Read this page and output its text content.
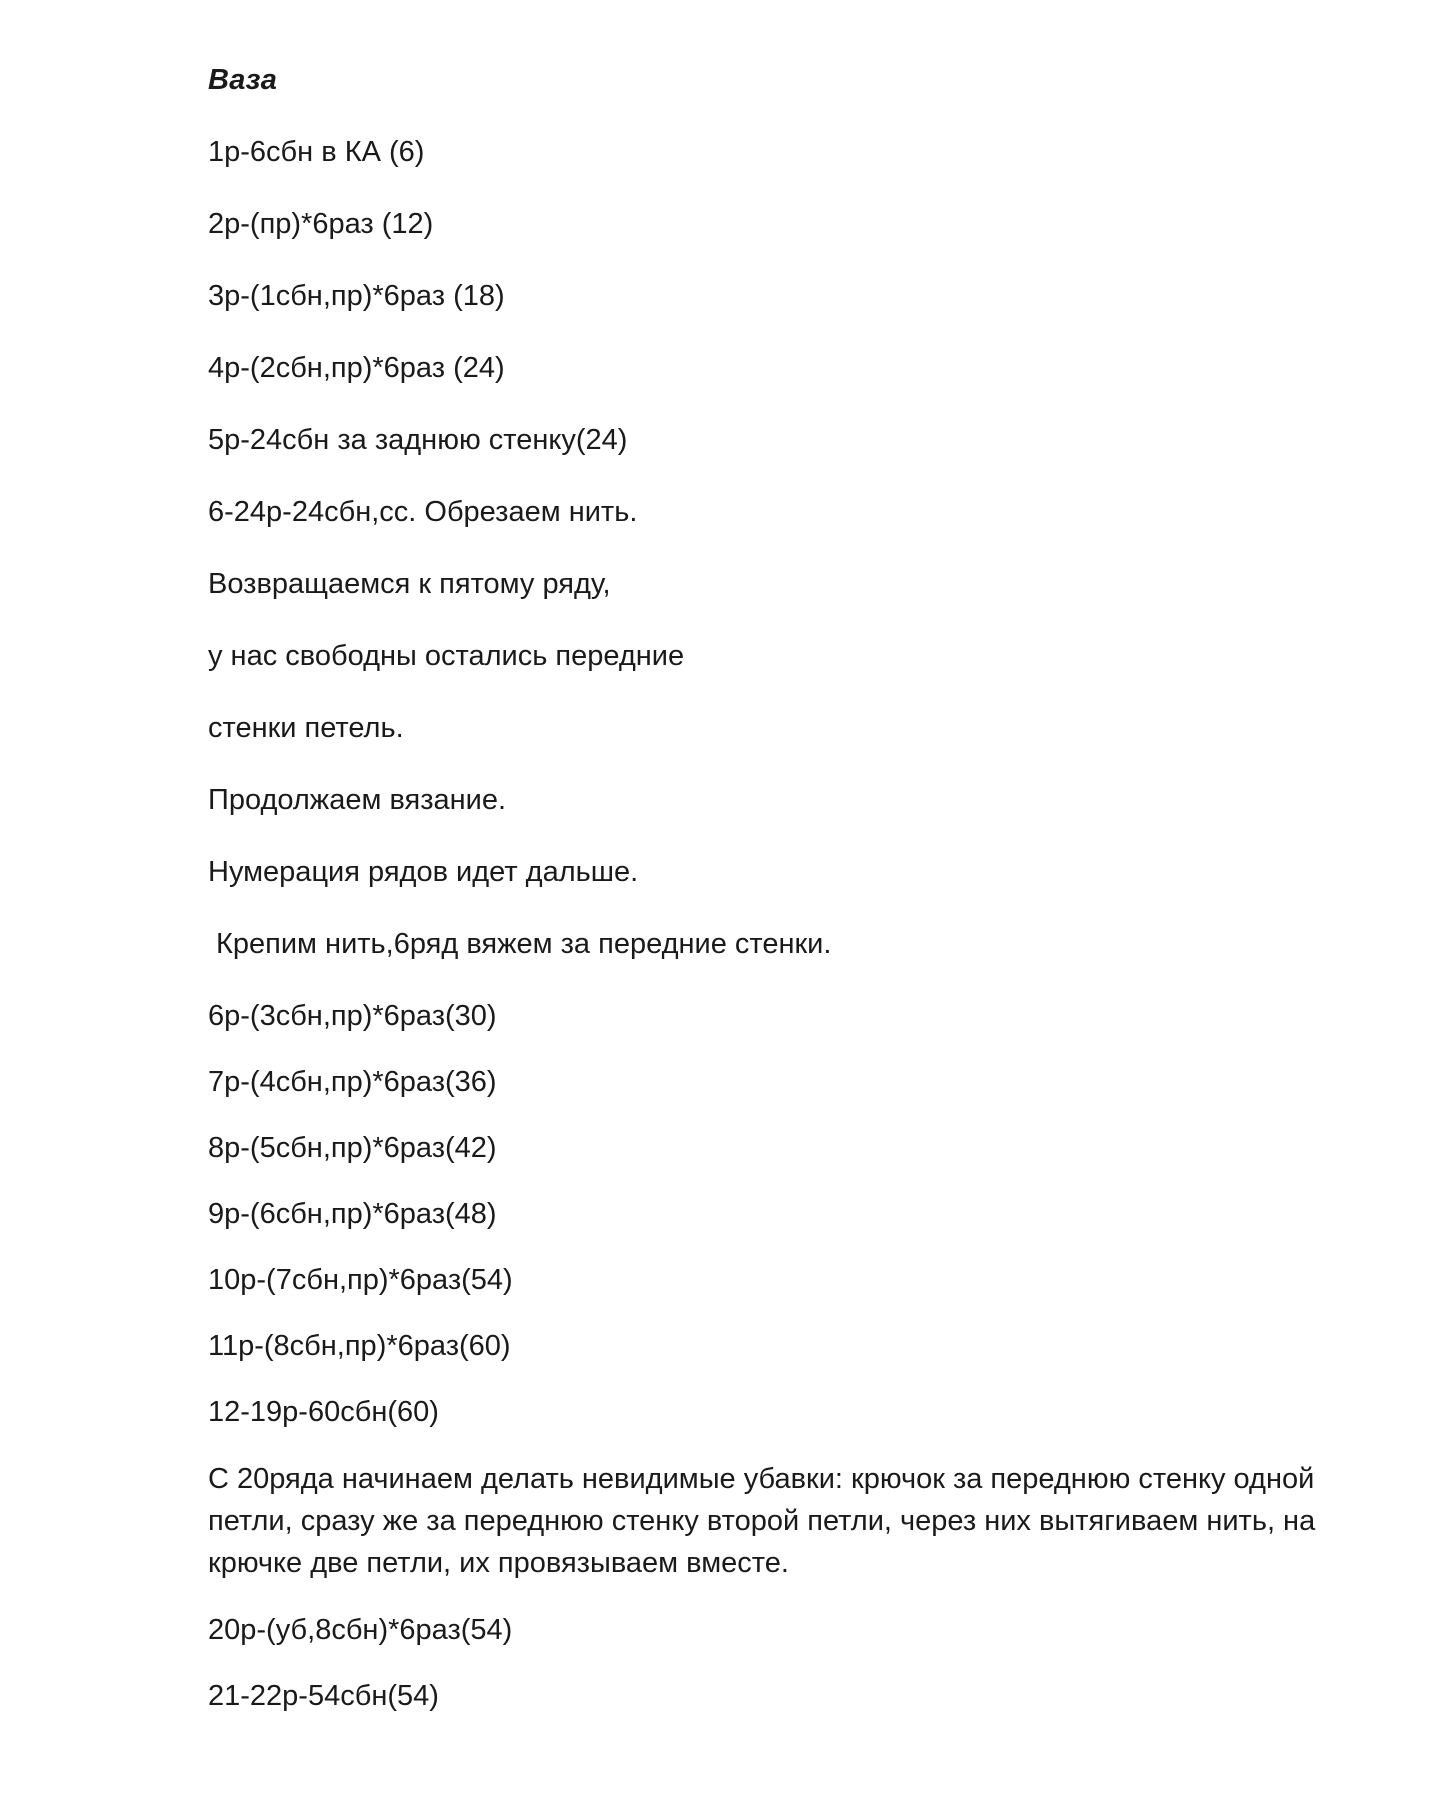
Ваза
1р-6сбн в КА (6)
2р-(пр)*6раз (12)
3р-(1сбн,пр)*6раз (18)
4р-(2сбн,пр)*6раз (24)
5р-24сбн за заднюю стенку(24)
6-24р-24сбн,сс. Обрезаем нить.
Возвращаемся к пятому ряду,
у нас свободны остались передние
стенки петель.
Продолжаем вязание.
Нумерация рядов идет дальше.
Крепим нить,6ряд вяжем за передние стенки.
6р-(3сбн,пр)*6раз(30)
7р-(4сбн,пр)*6раз(36)
8р-(5сбн,пр)*6раз(42)
9р-(6сбн,пр)*6раз(48)
10р-(7сбн,пр)*6раз(54)
11р-(8сбн,пр)*6раз(60)
12-19р-60сбн(60)
С 20ряда начинаем делать невидимые убавки: крючок за переднюю стенку одной петли, сразу же за переднюю стенку второй петли, через них вытягиваем нить, на крючке две петли, их провязываем вместе.
20р-(уб,8сбн)*6раз(54)
21-22р-54сбн(54)
